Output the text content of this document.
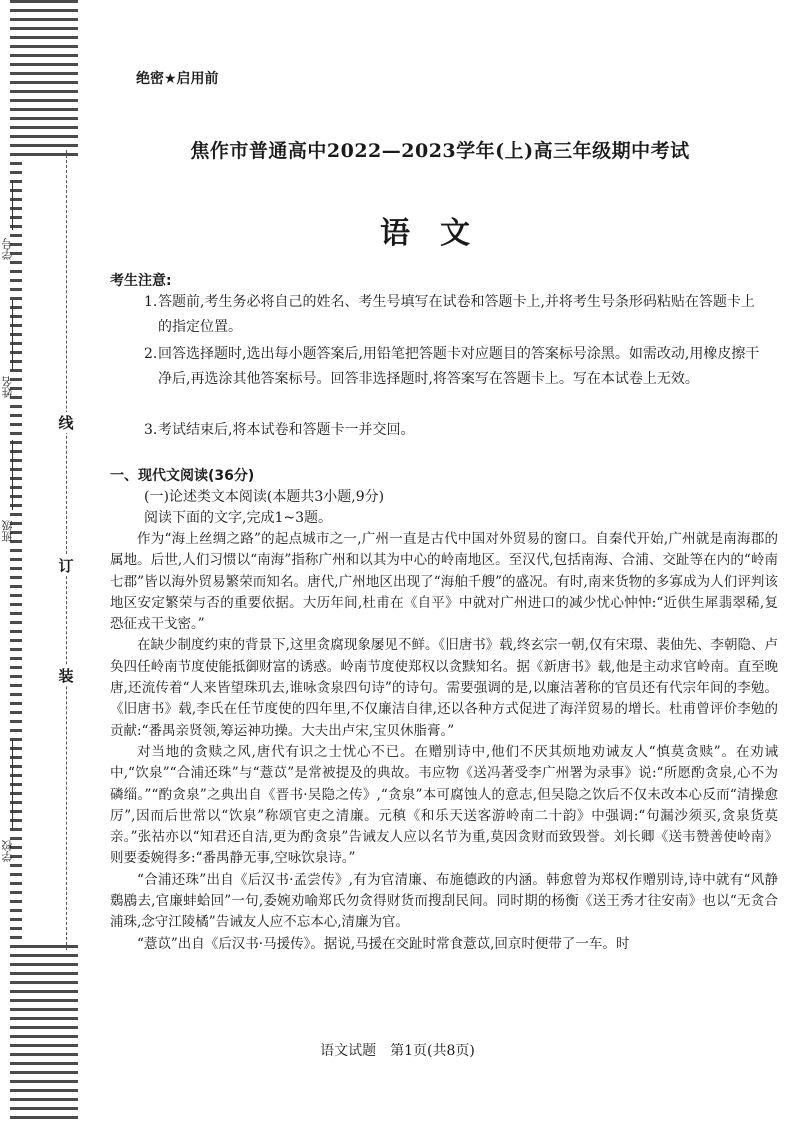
线
订
装
学号
姓名
班级
学校
绝密★启用前
焦作市普通高中2022—2023学年(上)高三年级期中考试
语文
考生注意:
1. 答题前,考生务必将自己的姓名、考生号填写在试卷和答题卡上,并将考生号条形码粘贴在答题卡上的指定位置。
2. 回答选择题时,选出每小题答案后,用铅笔把答题卡对应题目的答案标号涂黑。如需改动,用橡皮擦干净后,再选涂其他答案标号。回答非选择题时,将答案写在答题卡上。写在本试卷上无效。
3. 考试结束后,将本试卷和答题卡一并交回。
一、现代文阅读(36分)
(一)论述类文本阅读(本题共3小题,9分)
阅读下面的文字,完成1~3题。

作为“海上丝绸之路”的起点城市之一,广州一直是古代中国对外贸易的窗口。自秦代开始,广州就是南海郡的属地。后世,人们习惯以“南海”指称广州和以其为中心的岭南地区。至汉代,包括南海、合浦、交趾等在内的“岭南七郡”皆以海外贸易繁荣而知名。唐代,广州地区出现了“海舶千艘”的盛况。有时,南来货物的多寡成为人们评判该地区安定繁荣与否的重要依据。大历年间,杜甫在《自平》中就对广州进口的减少忧心忡忡:“近供生犀翡翠稀,复恐征戎干戈密。”

在缺少制度约束的背景下,这里贪腐现象屡见不鲜。《旧唐书》载,终玄宗一朝,仅有宋璟、裴伷先、李朝隐、卢奂四任岭南节度使能抵御财富的诱惑。岭南节度使郑权以贪黩知名。据《新唐书》载,他是主动求官岭南。直至晚唐,还流传着“人来皆望珠玑去,谁咏贪泉四句诗”的诗句。需要强调的是,以廉洁著称的官员还有代宗年间的李勉。《旧唐书》载,李氏在任节度使的四年里,不仅廉洁自律,还以各种方式促进了海洋贸易的增长。杜甫曾评价李勉的贡献:“番禺亲贤领,筹运神功操。大夫出卢宋,宝贝休脂膏。”

对当地的贪赎之风,唐代有识之士忧心不已。在赠别诗中,他们不厌其烦地劝诫友人“慎莫贪赎”。在劝诫中,“饮泉”“合浦还珠”与“薏苡”是常被提及的典故。韦应物《送冯著受李广州署为录事》说:“所愿酌贪泉,心不为磷缁。”“酌贪泉”之典出自《晋书·吴隐之传》,“贪泉”本可腐蚀人的意志,但吴隐之饮后不仅未改本心反而“清操愈厉”,因而后世常以“饮泉”称颂官吏之清廉。元稹《和乐天送客游岭南二十韵》中强调:“句漏沙须买,贪泉货莫亲。”张祜亦以“知君还自洁,更为酌贪泉”告诫友人应以名节为重,莫因贪财而致毁誉。刘长卿《送韦赞善使岭南》则要委婉得多:“番禺静无事,空咏饮泉诗。”

“合浦还珠”出自《后汉书·孟尝传》,有为官清廉、布施德政的内涵。韩愈曾为郑权作赠别诗,诗中就有“风静鶢鶋去,官廉蚌蛤回”一句,委婉劝喻郑氏勿贪得财货而搜刮民间。同时期的杨衡《送王秀才往安南》也以“无贪合浦珠,念守江陵橘”告诫友人应不忘本心,清廉为官。

“薏苡”出自《后汉书·马援传》。据说,马援在交趾时常食薏苡,回京时便带了一车。时

语文试题　第1页(共8页)
